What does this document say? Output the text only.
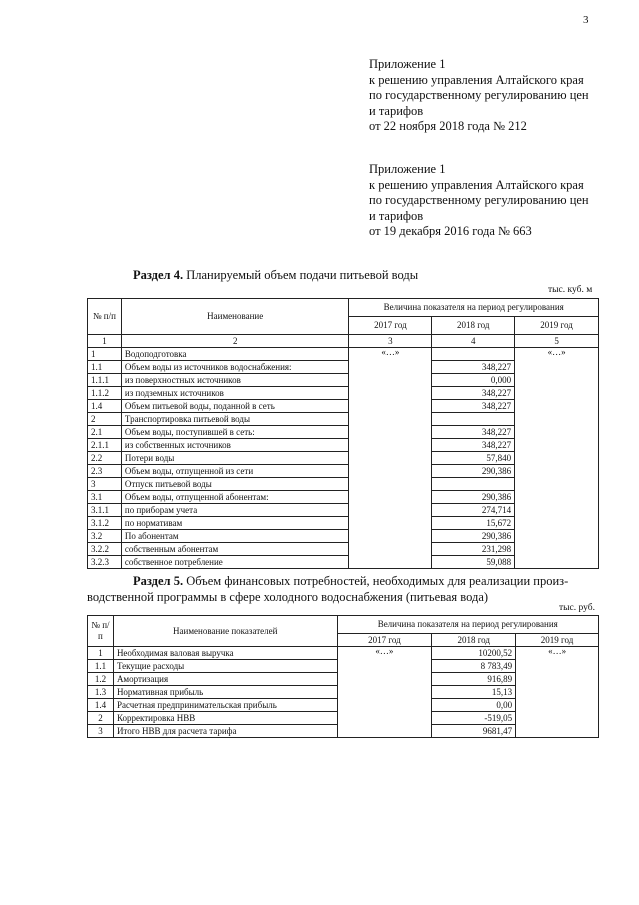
3
Приложение 1
к решению управления Алтайского края
по государственному регулированию цен
и тарифов
от 22 ноября 2018 года № 212
Приложение 1
к решению управления Алтайского края
по государственному регулированию цен
и тарифов
от 19 декабря 2016 года № 663
Раздел 4. Планируемый объем подачи питьевой воды
тыс. куб. м
№ п/п	Наименование	Величина показателя на период регулирования		
		2017 год	2018 год	2019 год
1	2	3	4	5
1	Водоподготовка	«…»		«…»
1.1	Объем воды из источников водоснабжения:		348,227	
1.1.1	из поверхностных источников		0,000	
1.1.2	из подземных источников		348,227	
1.4	Объем питьевой воды, поданной в сеть		348,227	
2	Транспортировка питьевой воды			
2.1	Объем воды, поступившей в сеть:		348,227	
2.1.1	из собственных источников		348,227	
2.2	Потери воды		57,840	
2.3	Объем воды, отпущенной из сети		290,386	
3	Отпуск питьевой воды			
3.1	Объем воды, отпущенной абонентам:		290,386	
3.1.1	по приборам учета		274,714	
3.1.2	по нормативам		15,672	
3.2	По абонентам		290,386	
3.2.2	собственным абонентам		231,298	
3.2.3	собственное потребление		59,088	
Раздел 5. Объем финансовых потребностей, необходимых для реализации произ-
водственной программы в сфере холодного водоснабжения (питьевая вода)
тыс. руб.
№ п/п	Наименование показателей	Величина показателя на период регулирования		
		2017 год	2018 год	2019 год
1	Необходимая валовая выручка	«…»	10200,52	«…»
1.1	Текущие расходы		8 783,49	
1.2	Амортизация		916,89	
1.3	Нормативная прибыль		15,13	
1.4	Расчетная предпринимательская прибыль		0,00	
2	Корректировка НВВ		-519,05	
3	Итого НВВ для расчета тарифа		9681,47	
